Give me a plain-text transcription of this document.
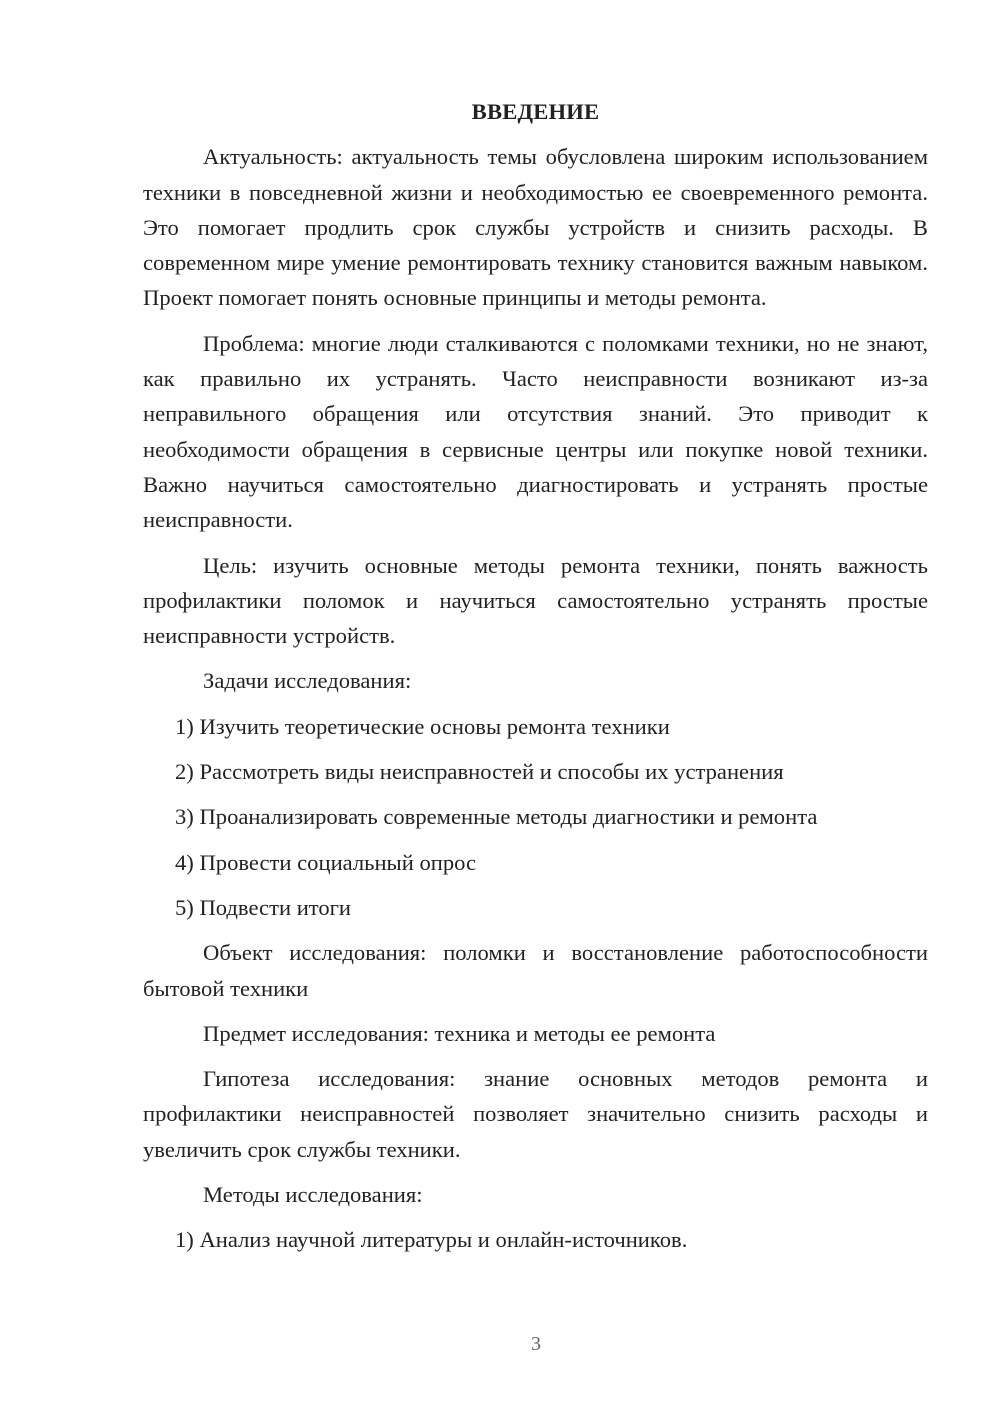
ВВЕДЕНИЕ

Актуальность: актуальность темы обусловлена широким использованием техники в повседневной жизни и необходимостью ее своевременного ремонта. Это помогает продлить срок службы устройств и снизить расходы. В современном мире умение ремонтировать технику становится важным навыком. Проект помогает понять основные принципы и методы ремонта.

Проблема: многие люди сталкиваются с поломками техники, но не знают, как правильно их устранять. Часто неисправности возникают из-за неправильного обращения или отсутствия знаний. Это приводит к необходимости обращения в сервисные центры или покупке новой техники. Важно научиться самостоятельно диагностировать и устранять простые неисправности.

Цель: изучить основные методы ремонта техники, понять важность профилактики поломок и научиться самостоятельно устранять простые неисправности устройств.

Задачи исследования:

1) Изучить теоретические основы ремонта техники

2) Рассмотреть виды неисправностей и способы их устранения

3) Проанализировать современные методы диагностики и ремонта

4) Провести социальный опрос

5) Подвести итоги

Объект исследования: поломки и восстановление работоспособности бытовой техники

Предмет исследования: техника и методы ее ремонта

Гипотеза исследования: знание основных методов ремонта и профилактики неисправностей позволяет значительно снизить расходы и увеличить срок службы техники.

Методы исследования:

1) Анализ научной литературы и онлайн-источников.

3
